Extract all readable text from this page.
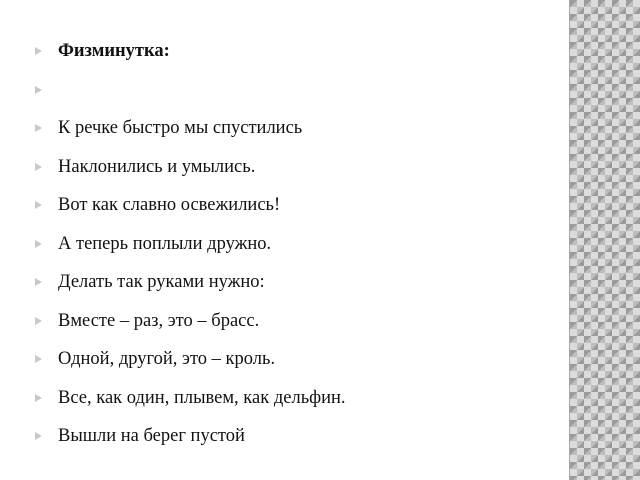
Физминутка:
К речке быстро мы спустились
Наклонились и умылись.
Вот как славно освежились!
А теперь поплыли дружно.
Делать так руками нужно:
Вместе – раз, это – брасс.
Одной, другой, это – кроль.
Все, как один, плывем, как дельфин.
Вышли на берег пустой
